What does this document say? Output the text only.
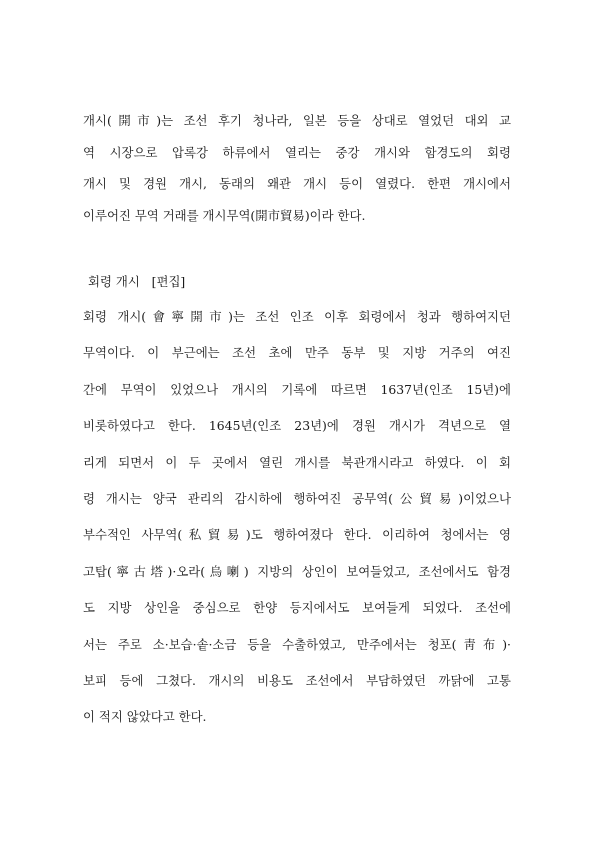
개시(開市)는 조선 후기 청나라, 일본 등을 상대로 열었던 대외 교
역 시장으로 압록강 하류에서 열리는 중강 개시와 함경도의 회령
개시 및 경원 개시, 동래의 왜관 개시 등이 열렸다. 한편 개시에서
이루어진 무역 거래를 개시무역(開市貿易)이라 한다.
회령 개시 [편집]
회령 개시(會寧開市)는 조선 인조 이후 회령에서 청과 행하여지던
무역이다. 이 부근에는 조선 초에 만주 동부 및 지방 거주의 여진
간에 무역이 있었으나 개시의 기록에 따르면 1637년(인조 15년)에
비롯하였다고 한다. 1645년(인조 23년)에 경원 개시가 격년으로 열
리게 되면서 이 두 곳에서 열린 개시를 북관개시라고 하였다. 이 회
령 개시는 양국 관리의 감시하에 행하여진 공무역(公貿易)이었으나
부수적인 사무역(私貿易)도 행하여졌다 한다. 이리하여 청에서는 영
고탑(寧古塔)·오라(烏喇) 지방의 상인이 보여들었고, 조선에서도 함경
도 지방 상인을 중심으로 한양 등지에서도 보여들게 되었다. 조선에
서는 주로 소·보습·솥·소금 등을 수출하였고, 만주에서는 청포(靑布)·
보피 등에 그쳤다. 개시의 비용도 조선에서 부담하였던 까닭에 고통
이 적지 않았다고 한다.
